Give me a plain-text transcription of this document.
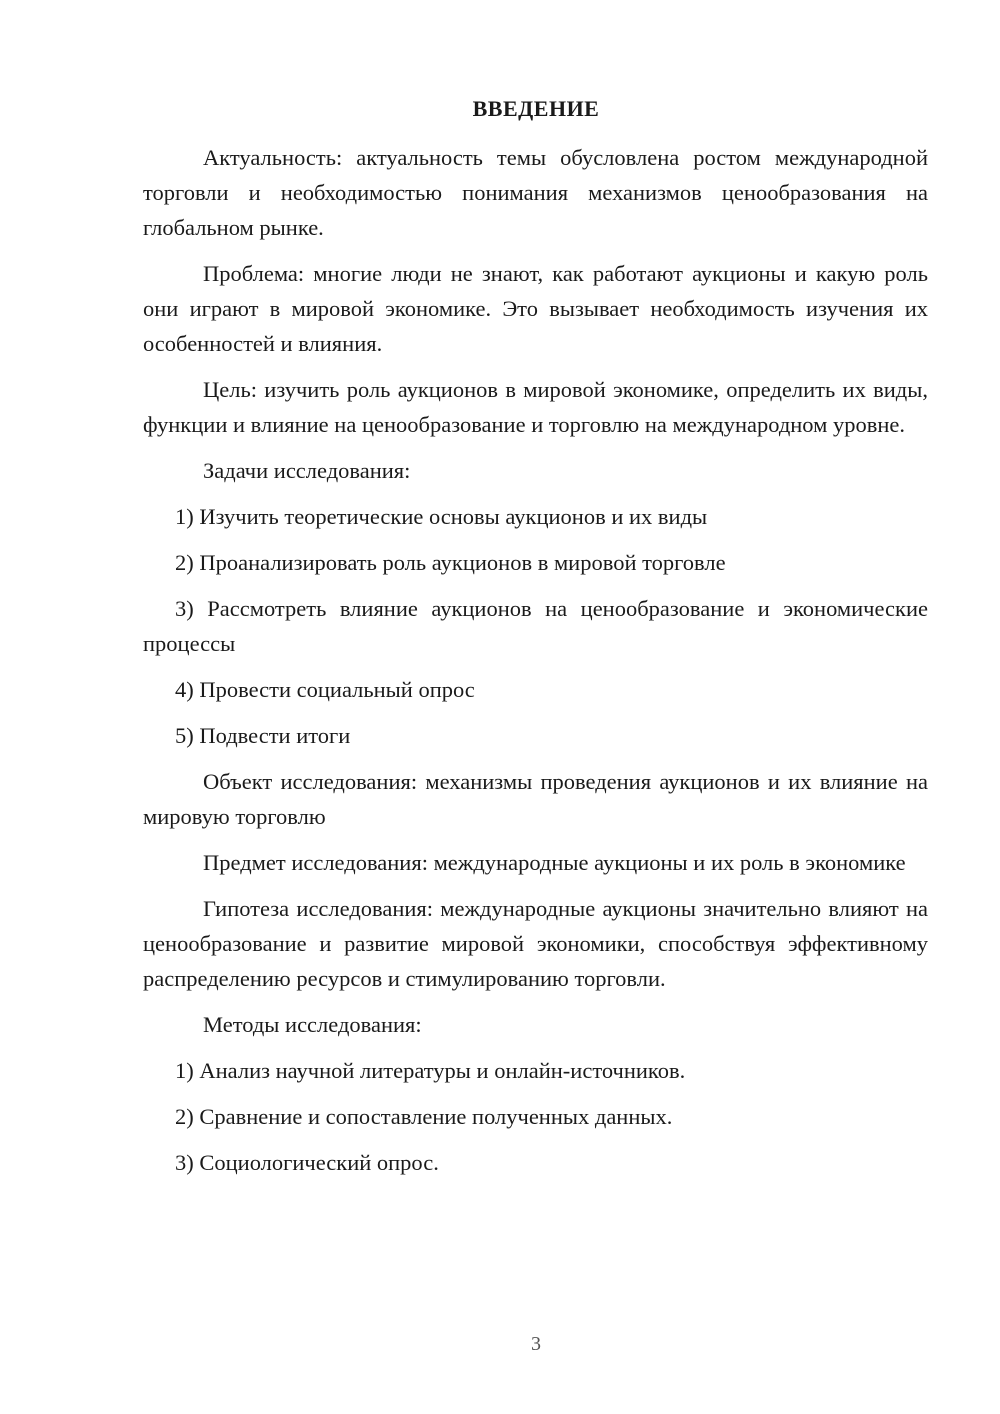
ВВЕДЕНИЕ

Актуальность: актуальность темы обусловлена ростом международной торговли и необходимостью понимания механизмов ценообразования на глобальном рынке.

Проблема: многие люди не знают, как работают аукционы и какую роль они играют в мировой экономике. Это вызывает необходимость изучения их особенностей и влияния.

Цель: изучить роль аукционов в мировой экономике, определить их виды, функции и влияние на ценообразование и торговлю на международном уровне.

Задачи исследования:

1) Изучить теоретические основы аукционов и их виды

2) Проанализировать роль аукционов в мировой торговле

3) Рассмотреть влияние аукционов на ценообразование и экономические процессы

4) Провести социальный опрос

5) Подвести итоги

Объект исследования: механизмы проведения аукционов и их влияние на мировую торговлю

Предмет исследования: международные аукционы и их роль в экономике

Гипотеза исследования: международные аукционы значительно влияют на ценообразование и развитие мировой экономики, способствуя эффективному распределению ресурсов и стимулированию торговли.

Методы исследования:

1) Анализ научной литературы и онлайн-источников.

2) Сравнение и сопоставление полученных данных.

3) Социологический опрос.

3
